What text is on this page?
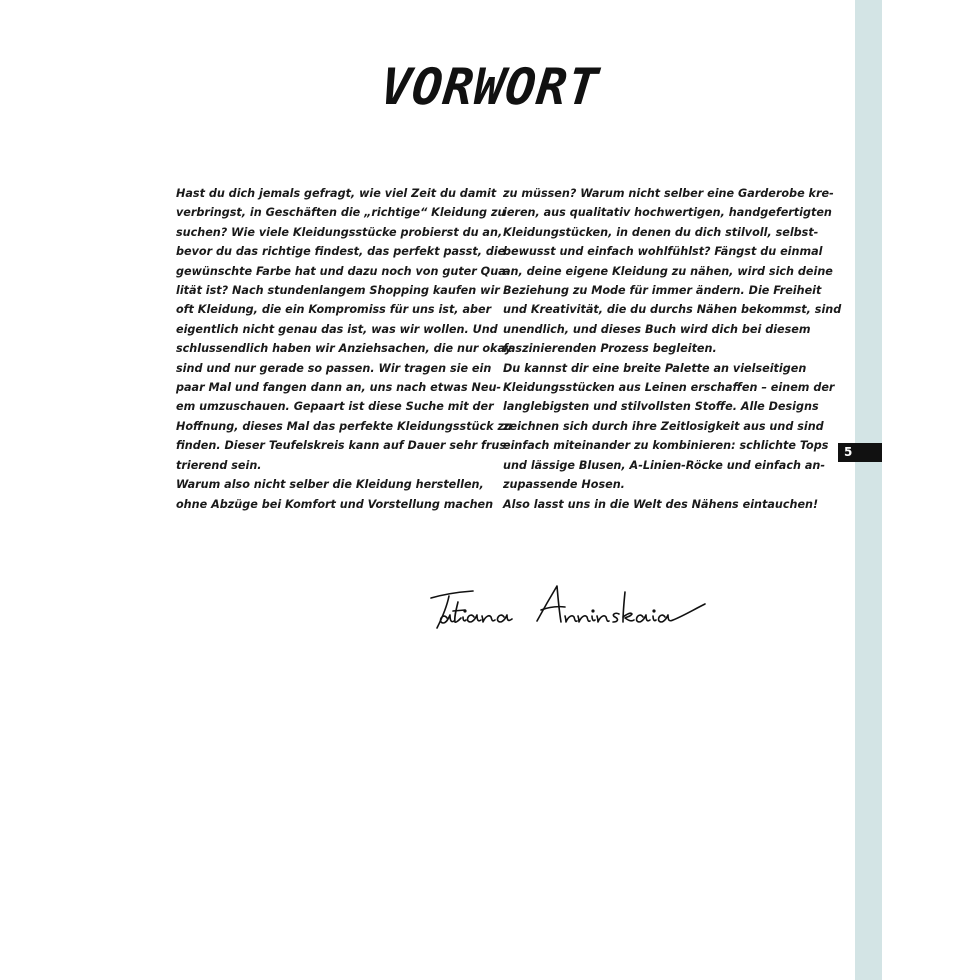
5
VORWORT
Hast du dich jemals gefragt, wie viel Zeit du damit
verbringst, in Geschäften die „richtige“ Kleidung zu
suchen? Wie viele Kleidungsstücke probierst du an,
bevor du das richtige findest, das perfekt passt, die
gewünschte Farbe hat und dazu noch von guter Qua-
lität ist? Nach stundenlangem Shopping kaufen wir
oft Kleidung, die ein Kompromiss für uns ist, aber
eigentlich nicht genau das ist, was wir wollen. Und
schlussendlich haben wir Anziehsachen, die nur okay
sind und nur gerade so passen. Wir tragen sie ein
paar Mal und fangen dann an, uns nach etwas Neu-
em umzuschauen. Gepaart ist diese Suche mit der
Hoffnung, dieses Mal das perfekte Kleidungsstück zu
finden. Dieser Teufelskreis kann auf Dauer sehr frus-
trierend sein.
Warum also nicht selber die Kleidung herstellen,
ohne Abzüge bei Komfort und Vorstellung machen
zu müssen? Warum nicht selber eine Garderobe kre-
ieren, aus qualitativ hochwertigen, handgefertigten
Kleidungstücken, in denen du dich stilvoll, selbst-
bewusst und einfach wohlfühlst? Fängst du einmal
an, deine eigene Kleidung zu nähen, wird sich deine
Beziehung zu Mode für immer ändern. Die Freiheit
und Kreativität, die du durchs Nähen bekommst, sind
unendlich, und dieses Buch wird dich bei diesem
faszinierenden Prozess begleiten.
Du kannst dir eine breite Palette an vielseitigen
Kleidungsstücken aus Leinen erschaffen – einem der
langlebigsten und stilvollsten Stoffe. Alle Designs
zeichnen sich durch ihre Zeitlosigkeit aus und sind
einfach miteinander zu kombinieren: schlichte Tops
und lässige Blusen, A-Linien-Röcke und einfach an-
zupassende Hosen.
Also lasst uns in die Welt des Nähens eintauchen!
